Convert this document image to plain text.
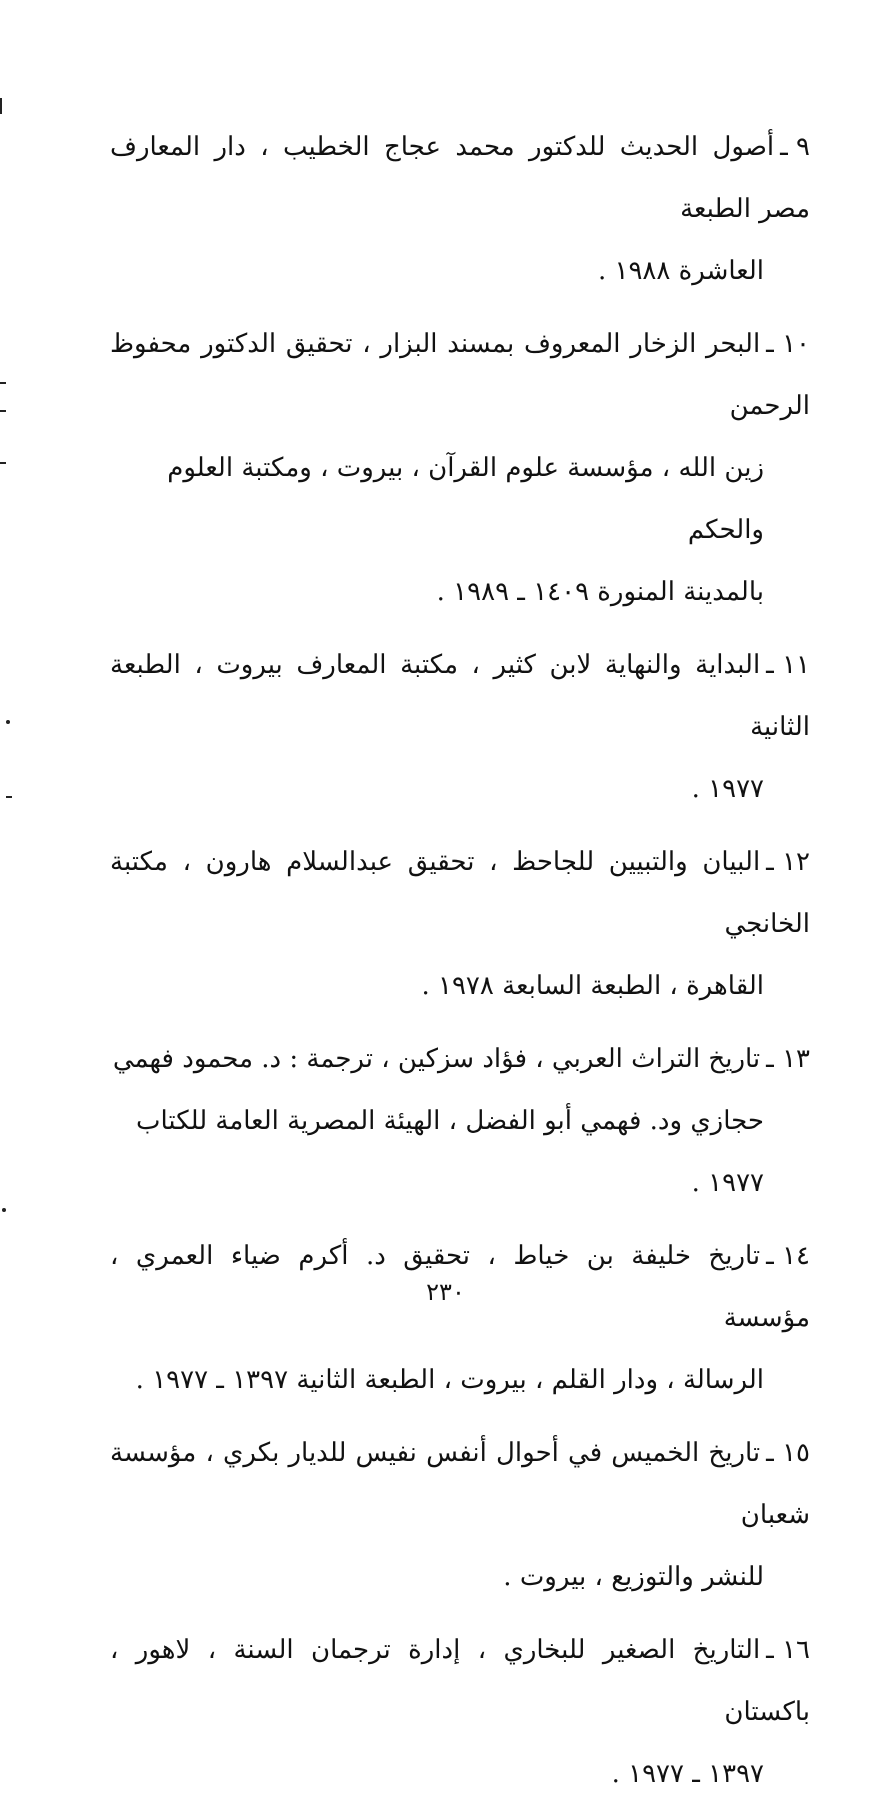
٩ ـأصول الحديث للدكتور محمد عجاج الخطيب ، دار المعارف مصر الطبعة
العاشرة ١٩٨٨ .
١٠ ـالبحر الزخار المعروف بمسند البزار ، تحقيق الدكتور محفوظ الرحمن
زين الله ، مؤسسة علوم القرآن ، بيروت ، ومكتبة العلوم والحكم
بالمدينة المنورة ١٤٠٩ ـ ١٩٨٩ .
١١ ـالبداية والنهاية لابن كثير ، مكتبة المعارف بيروت ، الطبعة الثانية
١٩٧٧ .
١٢ ـالبيان والتبيين للجاحظ ، تحقيق عبدالسلام هارون ، مكتبة الخانجي
القاهرة ، الطبعة السابعة ١٩٧٨ .
١٣ ـتاريخ التراث العربي ، فؤاد سزكين ، ترجمة : د. محمود فهمي
حجازي ود. فهمي أبو الفضل ، الهيئة المصرية العامة للكتاب ١٩٧٧ .
١٤ ـتاريخ خليفة بن خياط ، تحقيق د. أكرم ضياء العمري ، مؤسسة
الرسالة ، ودار القلم ، بيروت ، الطبعة الثانية ١٣٩٧ ـ ١٩٧٧ .
١٥ ـتاريخ الخميس في أحوال أنفس نفيس للديار بكري ، مؤسسة شعبان
للنشر والتوزيع ، بيروت .
١٦ ـالتاريخ الصغير للبخاري ، إدارة ترجمان السنة ، لاهور ، باكستان
١٣٩٧ ـ ١٩٧٧ .
٢٣٠
